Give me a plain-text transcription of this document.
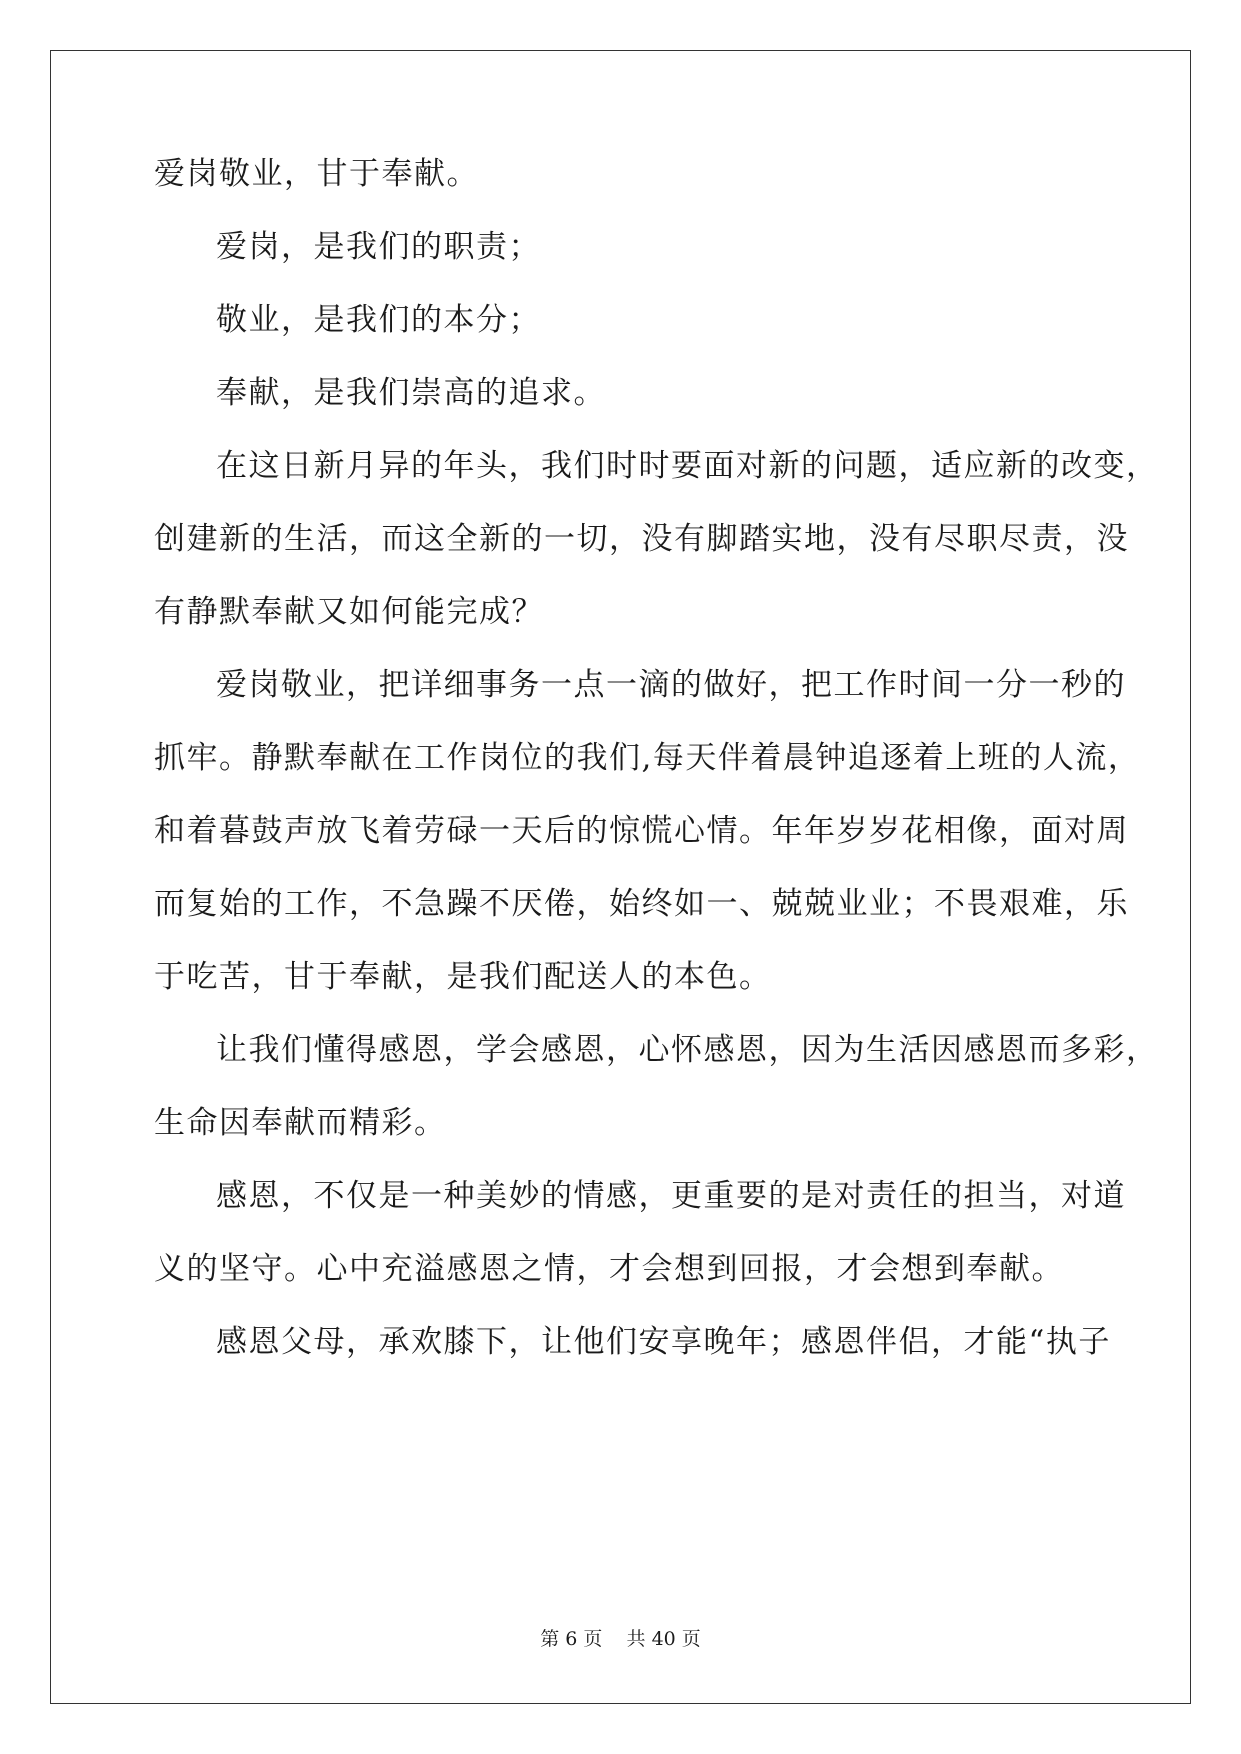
爱岗敬业，甘于奉献。
爱岗，是我们的职责；
敬业，是我们的本分；
奉献，是我们崇高的追求。
在这日新月异的年头，我们时时要面对新的问题，适应新的改变，
创建新的生活，而这全新的一切，没有脚踏实地，没有尽职尽责，没
有静默奉献又如何能完成？
爱岗敬业，把详细事务一点一滴的做好，把工作时间一分一秒的
抓牢。静默奉献在工作岗位的我们,每天伴着晨钟追逐着上班的人流，
和着暮鼓声放飞着劳碌一天后的惊慌心情。年年岁岁花相像，面对周
而复始的工作，不急躁不厌倦，始终如一、兢兢业业；不畏艰难，乐
于吃苦，甘于奉献，是我们配送人的本色。
让我们懂得感恩，学会感恩，心怀感恩，因为生活因感恩而多彩，
生命因奉献而精彩。
感恩，不仅是一种美妙的情感，更重要的是对责任的担当，对道
义的坚守。心中充溢感恩之情，才会想到回报，才会想到奉献。
感恩父母，承欢膝下，让他们安享晚年；感恩伴侣，才能“执子
第 6 页    共 40 页
